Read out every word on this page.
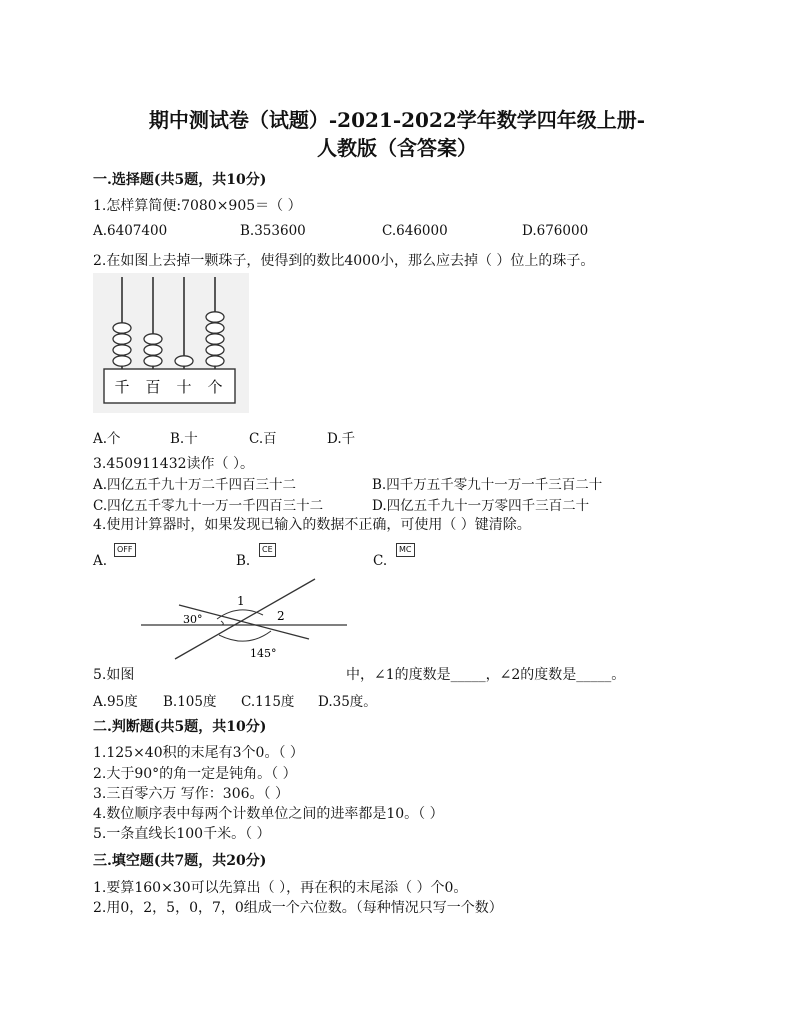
期中测试卷（试题）-2021-2022学年数学四年级上册-
人教版（含答案）
一.选择题(共5题，共10分)
1.怎样算简便:7080×905＝（ ）
A.6407400	B.353600	C.646000	D.676000
2.在如图上去掉一颗珠子，使得到的数比4000小，那么应去掉（ ）位上的珠子。
千 百 十 个
A.个	B.十	C.百	D.千
3.450911432读作（ ）。
A.四亿五千九十万二千四百三十二	B.四千万五千零九十一万一千三百二十
C.四亿五千零九十一万一千四百三十二	D.四亿五千九十一万零四千三百二十
4.使用计算器时，如果发现已输入的数据不正确，可使用（ ）键清除。
A.
OFF
B.
CE
C.
MC
1
2
30°
145°
5.如图	中，∠1的度数是_____，∠2的度数是_____。
A.95度 B.105度 C.115度 D.35度。
二.判断题(共5题，共10分)
1.125×40积的末尾有3个0。（ ）
2.大于90°的角一定是钝角。（ ）
3.三百零六万 写作：306。（ ）
4.数位顺序表中每两个计数单位之间的进率都是10。（ ）
5.一条直线长100千米。（ ）
三.填空题(共7题，共20分)
1.要算160×30可以先算出（ ），再在积的末尾添（ ）个0。
2.用0，2，5，0，7，0组成一个六位数。（每种情况只写一个数）
